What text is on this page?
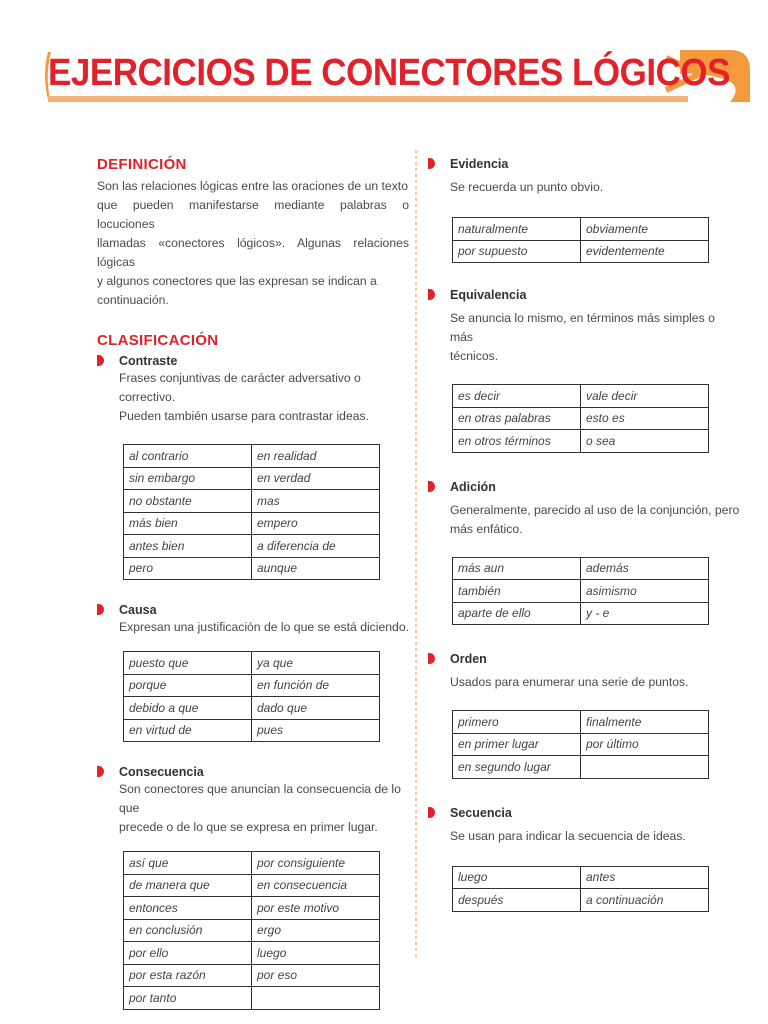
EJERCICIOS DE CONECTORES LÓGICOS
DEFINICIÓN
Son las relaciones lógicas entre las oraciones de un texto
que pueden manifestarse mediante palabras o locuciones
llamadas «conectores lógicos». Algunas relaciones lógicas
y algunos conectores que las expresan se indican a
continuación.
CLASIFICACIÓN
Contraste
Frases conjuntivas de carácter adversativo o correctivo.
Pueden también usarse para contrastar ideas.
al contrario	en realidad
sin embargo	en verdad
no obstante	mas
más bien	empero
antes bien	a diferencia de
pero	aunque
Causa
Expresan una justificación de lo que se está diciendo.
puesto que	ya que
porque	en función de
debido a que	dado que
en virtud de	pues
Consecuencia
Son conectores que anuncian la consecuencia de lo que
precede o de lo que se expresa en primer lugar.
así que	por consiguiente
de manera que	en consecuencia
entonces	por este motivo
en conclusión	ergo
por ello	luego
por esta razón	por eso
por tanto	
Evidencia
Se recuerda un punto obvio.
naturalmente	obviamente
por supuesto	evidentemente
Equivalencia
Se anuncia lo mismo, en términos más simples o más
técnicos.
es decir	vale decir
en otras palabras	esto es
en otros términos	o sea
Adición
Generalmente, parecido al uso de la conjunción, pero
más enfático.
más aun	además
también	asimismo
aparte de ello	y - e
Orden
Usados para enumerar una serie de puntos.
primero	finalmente
en primer lugar	por último
en segundo lugar	
Secuencia
Se usan para indicar la secuencia de ideas.
luego	antes
después	a continuación
